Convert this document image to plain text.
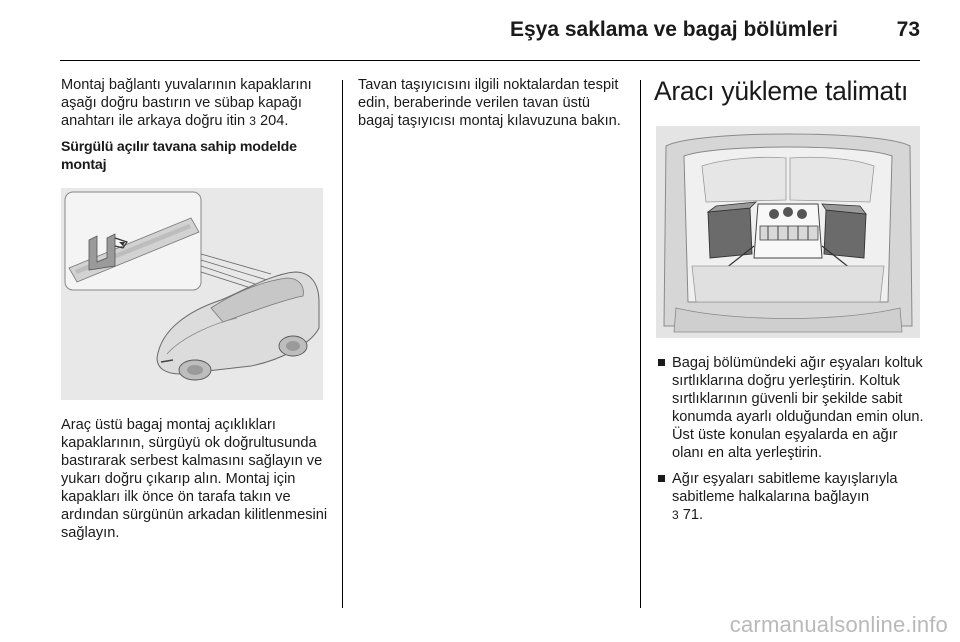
Eşya saklama ve bagaj bölümleri	73

Montaj bağlantı yuvalarının kapaklarını aşağı doğru bastırın ve sübap kapağı anahtarı ile arkaya doğru itin 3 204.

Sürgülü açılır tavana sahip modelde montaj

Araç üstü bagaj montaj açıklıkları kapaklarının, sürgüyü ok doğrultusunda bastırarak serbest kalmasını sağlayın ve yukarı doğru çıkarıp alın. Montaj için kapakları ilk önce ön tarafa takın ve ardından sürgünün arkadan kilitlenmesini sağlayın.

Tavan taşıyıcısını ilgili noktalardan tespit edin, beraberinde verilen tavan üstü bagaj taşıyıcısı montaj kılavuzuna bakın.

Aracı yükleme talimatı
Bagaj bölümündeki ağır eşyaları koltuk sırtlıklarına doğru yerleştirin. Koltuk sırtlıklarının güvenli bir şekilde sabit konumda ayarlı olduğundan emin olun. Üst üste konulan eşyalarda en ağır olanı en alta yerleştirin.
Ağır eşyaları sabitleme kayışlarıyla sabitleme halkalarına bağlayın
3 71.
carmanualsonline.info
